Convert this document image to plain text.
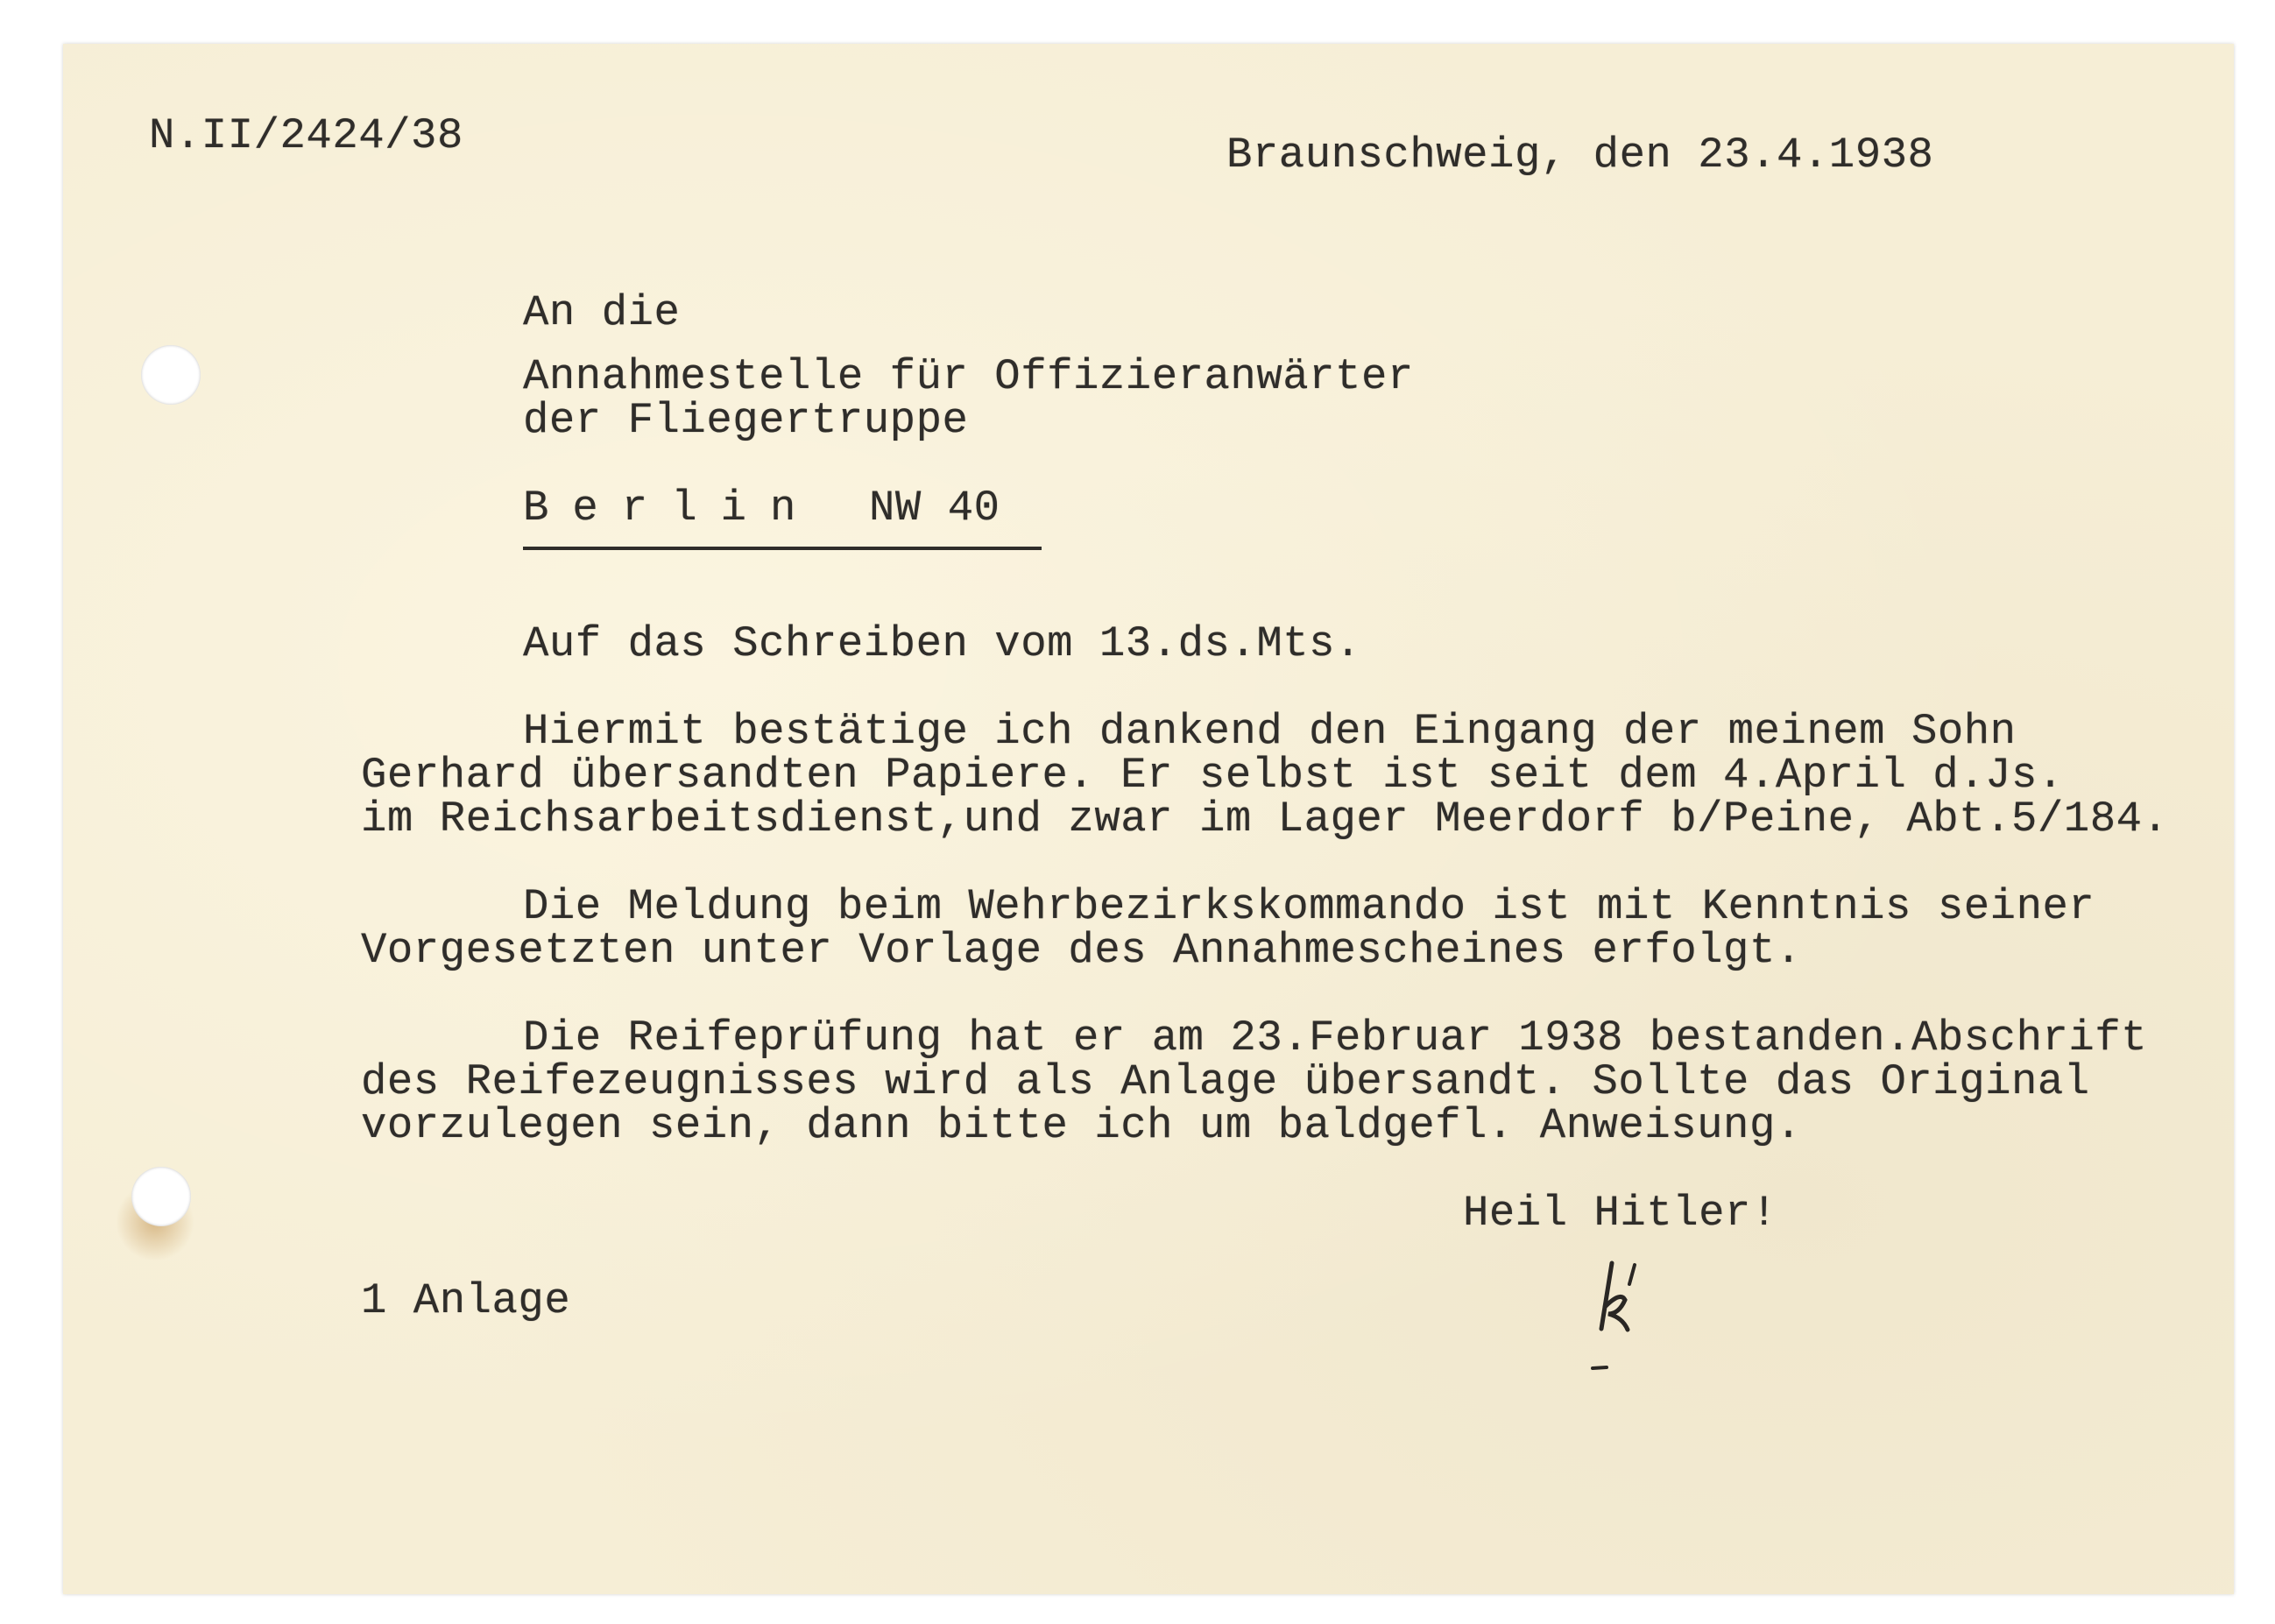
N.II/2424/38	Braunschweig, den 23.4.1938
An die
Annahmestelle für Offizieranwärter
der Fliegertruppe
Berlin NW 40
Auf das Schreiben vom 13.ds.Mts.
Hiermit bestätige ich dankend den Eingang der meinem Sohn
Gerhard übersandten Papiere. Er selbst ist seit dem 4.April d.Js.
im Reichsarbeitsdienst,und zwar im Lager Meerdorf b/Peine, Abt.5/184.
Die Meldung beim Wehrbezirkskommando ist mit Kenntnis seiner
Vorgesetzten unter Vorlage des Annahmescheines erfolgt.
Die Reifeprüfung hat er am 23.Februar 1938 bestanden.Abschrift
des Reifezeugnisses wird als Anlage übersandt. Sollte das Original
vorzulegen sein, dann bitte ich um baldgefl. Anweisung.
Heil Hitler!
1 Anlage
